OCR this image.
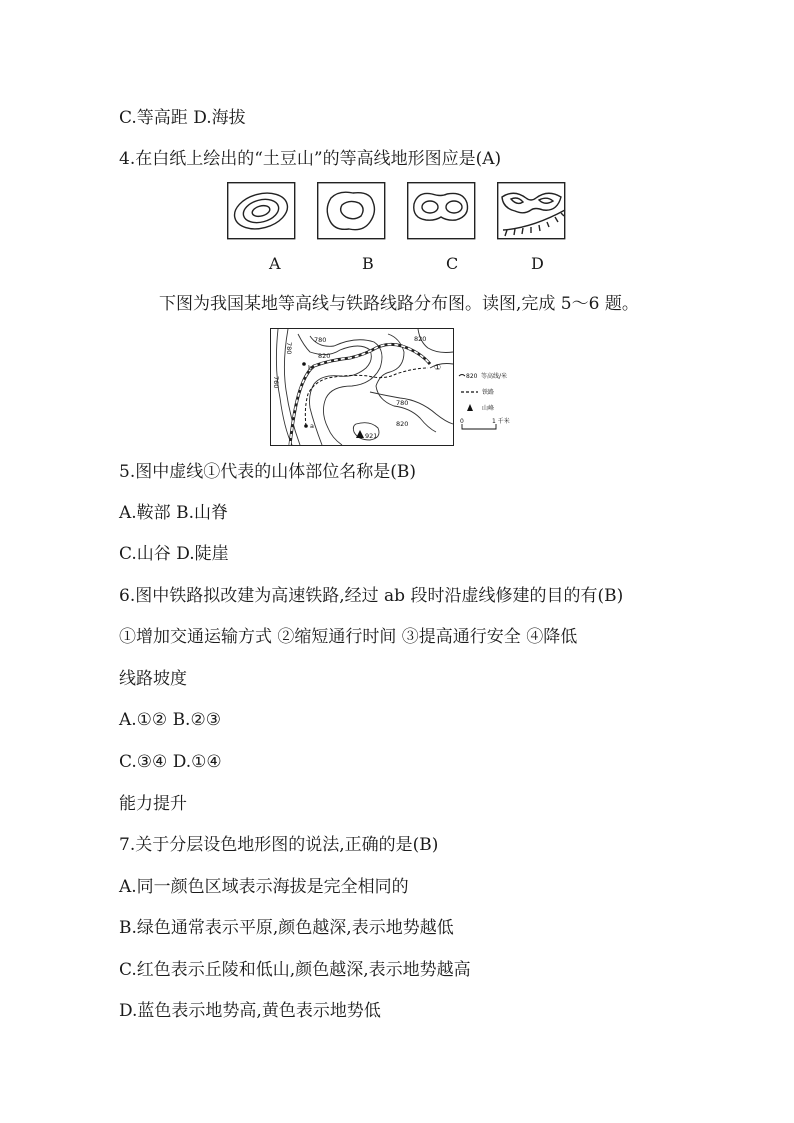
C.等高距 D.海拔
4.在白纸上绘出的“土豆山”的等高线地形图应是(A)
A	B	C	D
下图为我国某地等高线与铁路线路分布图。读图,完成 5～6 题。
780
820
820
780
820
760
780
921
a
b	①
820 等高线/米
铁路
山峰
0	1 千米
5.图中虚线①代表的山体部位名称是(B)
A.鞍部 B.山脊
C.山谷 D.陡崖
6.图中铁路拟改建为高速铁路,经过 ab 段时沿虚线修建的目的有(B)
①增加交通运输方式 ②缩短通行时间 ③提高通行安全 ④降低
线路坡度
A.①② B.②③
C.③④ D.①④
能力提升
7.关于分层设色地形图的说法,正确的是(B)
A.同一颜色区域表示海拔是完全相同的
B.绿色通常表示平原,颜色越深,表示地势越低
C.红色表示丘陵和低山,颜色越深,表示地势越高
D.蓝色表示地势高,黄色表示地势低
